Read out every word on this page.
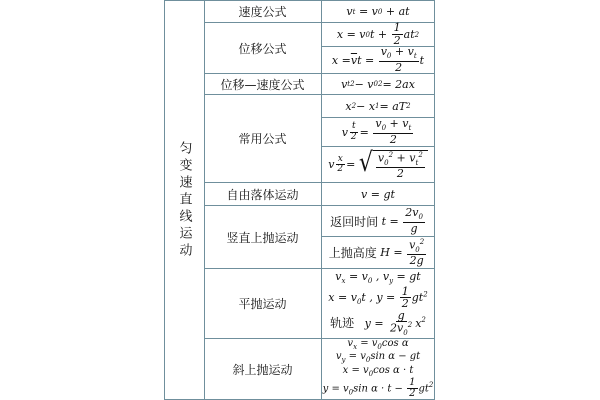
匀变速直线运动
速度公式
位移公式
位移—速度公式
常用公式
自由落体运动
竖直上抛运动
平抛运动
斜上抛运动
v t = v 0 + at
x = v 0 $t + \frac{1}{2}$ at 2
$x = \overline{v}$ $t = \frac{v_0 + v_t}{2}$ t
v t 2 − v 0 2 = 2ax
x 2 − x 1 = aT 2
v $\frac{t}{2} = \frac{v_0 + v_t}{2}$
v $\frac{x}{2}$ = √ $\frac{v_0^2 + v_t^2}{2}$
v = gt
返回时间 $t = \frac{2v_0}{g}$
上抛高度 $H = \frac{v_0^2}{2g}$
$v_x = v_0$ , $v_y$ = gt
$x = v_0t$ , $y = \frac{1}{2} gt^2$
轨迹   $y = \frac{g}{2v_0^2} x^2$
$v_x = v_0\cos$ α
$v_y = v_0\sin$ α − gt
$x = v_0\cos$ α · t
$y = v_0\sin$ $\alpha \cdot t - \frac{1}{2} gt^2$
